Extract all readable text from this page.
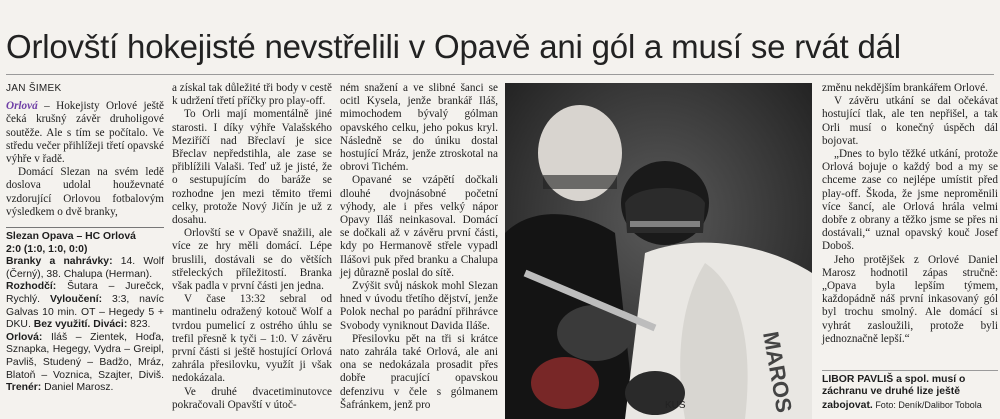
Orlovští hokejisté nevstřelili v Opavě ani gól a musí se rvát dál

JAN ŠIMEK

Orlová – Hokejisty Orlové ještě čeká krušný závěr druholigové soutěže. Ale s tím se počítalo. Ve středu večer přihlížeji třetí opavské výhře v řadě.

Domácí Slezan na svém ledě doslova udolal houževnaté vzdorující Orlovou fotbalovým výsledkem o dvě branky,

Slezan Opava – HC Orlová
2:0 (1:0, 1:0, 0:0)
Branky a nahrávky: 14. Wolf (Černý), 38. Chalupa (Herman).
Rozhodčí: Šutara – Jurečck, Rychlý. Vyloučení: 3:3, navíc Galvas 10 min. OT – Hegedy 5 + DKU. Bez využití. Diváci: 823.
Orlová: Iláš – Zientek, Hoďa, Sznapka, Hegegy, Vydra – Greipl, Pavliš, Studený – Badžo, Mráz, Blatoň – Voznica, Szajter, Diviš. Trenér: Daniel Marosz.

a získal tak důležité tři body v cestě k udržení třetí příčky pro play-off.

To Orli mají momentálně jiné starosti. I díky výhře Valašského Meziříčí nad Břeclaví je sice Břeclav nepředstihla, ale zase se přiblížili Valaši. Teď už je jisté, že o sestupujícím do baráže se rozhodne jen mezi těmito třemi celky, protože Nový Jičín je už z dosahu.

Orlovští se v Opavě snažili, ale více ze hry měli domácí. Lépe bruslili, dostávali se do větších střeleckých příležitostí. Branka však padla v první části jen jedna.

V čase 13:32 sebral od mantinelu odražený kotouč Wolf a tvrdou pumelicí z ostrého úhlu se trefil přesně k tyči – 1:0. V závěru první části si ještě hostující Orlová zahrála přesilovku, využít ji však nedokázala.

Ve druhé dvacetiminutovce pokračovali Opavští v útoč-

ném snažení a ve slibné šanci se ocitl Kysela, jenže brankář Iláš, mimochodem bývalý gólman opavského celku, jeho pokus kryl. Následně se do úniku dostal hostující Mráz, jenže ztroskotal na obrovi Tichém.

Opavané se vzápětí dočkali dlouhé dvojnásobné početní výhody, ale i přes velký nápor Opavy Iláš neinkasoval. Domácí se dočkali až v závěru první části, kdy po Hermanově střele vypadl Ilášovi puk před branku a Chalupa jej důrazně poslal do sítě.

Zvýšit svůj náskok mohl Slezan hned v úvodu třetího dějství, jenže Polok nechal po parádní přihrávce Svobody vyniknout Davida Iláše.

Přesilovku pět na tři si krátce nato zahrála také Orlová, ale ani ona se nedokázala prosadit přes dobře pracující opavskou defenzivu v čele s gólmanem Šafránkem, jenž pro	MAROS
KUS

změnu nekdějším brankářem Orlové.

V závěru utkání se dal očekávat hostující tlak, ale ten nepřišel, a tak Orli musí o konečný úspěch dál bojovat.

„Dnes to bylo těžké utkání, protože Orlová bojuje o každý bod a my se chceme zase co nejlépe umístit před play-off. Škoda, že jsme neproměnili více šancí, ale Orlová hrála velmi dobře z obrany a těžko jsme se přes ni dostávali,“ uznal opavský kouč Josef Doboš.

Jeho protějšek z Orlové Daniel Marosz hodnotil zápas stručně: „Opava byla lepším týmem, každopádně náš první inkasovaný gól byl trochu smolný. Ale domácí si vyhrát zasloužili, protože byli jednoznačně lepší.“

LIBOR PAVLIŠ a spol. musí o záchranu ve druhé lize ještě zabojovat. Foto: Deník/Dalibor Tobola
